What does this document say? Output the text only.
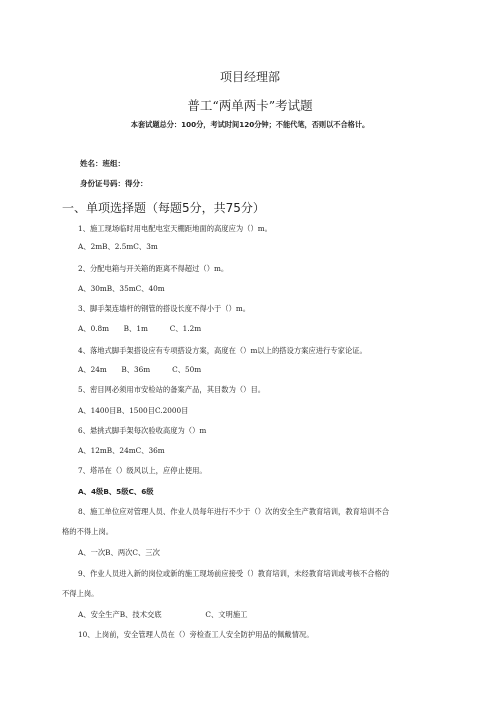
项目经理部
普工“两单两卡”考试题
本套试题总分：100分，考试时间120分钟；不能代笔，否则以不合格计。
姓名：班组：
身份证号码：得分：
一、单项选择题（每题5分，共75分）
1、施工现场临时用电配电室天棚距地面的高度应为（）m。
A、2mB、2.5mC、3m
2、分配电箱与开关箱的距离不得超过（）m。
A、30mB、35mC、40m
3、脚手架连墙杆的钢管的搭设长度不得小于（）m。
A、0.8m　　B、1m　　　C、1.2m
4、落地式脚手架搭设应有专项搭设方案，高度在（）m以上的搭设方案应进行专家论证。
A、24m　　B、36m　　　C、50m
5、密目网必须用市安检站的备案产品，其目数为（）目。
A、1400目B、1500目C.2000目
6、悬挑式脚手架每次验收高度为（）m
A、12mB、24mC、36m
7、塔吊在（）级风以上，应停止使用。
A、4级B、5级C、6级
8、施工单位应对管理人员、作业人员每年进行不少于（）次的安全生产教育培训，教育培训不合
格的不得上岗。
A、一次B、两次C、三次
9、作业人员进入新的岗位或新的施工现场前应接受（）教育培训，未经教育培训或考核不合格的
不得上岗。
A、安全生产B、技术交底　　　　　　C、文明施工
10、上岗前，安全管理人员在（）旁检查工人安全防护用品的佩戴情况。
